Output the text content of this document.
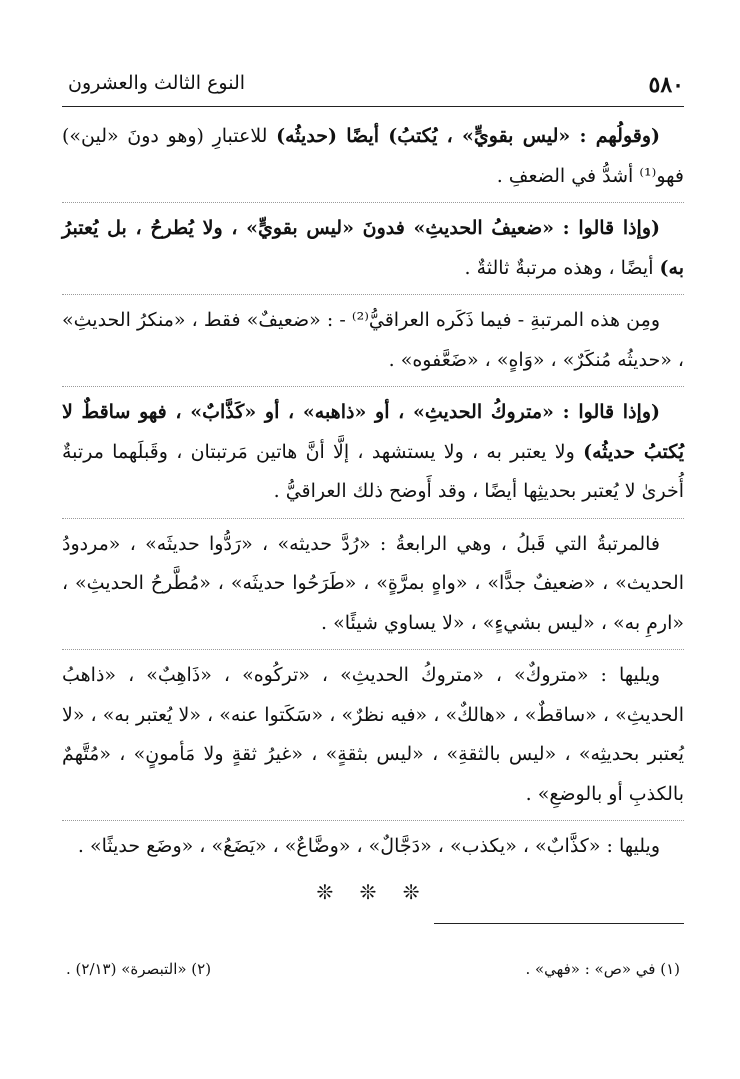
٥٨٠
النوع الثالث والعشرون

(وقولُهم : «ليس بقويٍّ» ، يُكتبُ) أيضًا (حديثُه) للاعتبارِ (وهو دونَ «لين») فهو⁽¹⁾ أشدُّ في الضعفِ .

(وإذا قالوا : «ضعيفُ الحديثِ» فدونَ «ليس بقويٍّ» ، ولا يُطرحُ ، بل يُعتبرُ به) أيضًا ، وهذه مرتبةٌ ثالثةٌ .

ومِن هذه المرتبةِ - فيما ذَكَره العراقيُّ⁽²⁾ - : «ضعيفٌ» فقط ، «منكرُ الحديثِ» ، «حديثُه مُنكَرٌ» ، «وَاهٍ» ، «ضَعَّفوه» .

(وإذا قالوا : «متروكُ الحديثِ» ، أو «ذاهبه» ، أو «كَذَّابٌ» ، فهو ساقطٌ لا يُكتبُ حديثُه) ولا يعتبر به ، ولا يستشهد ، إلَّا أنَّ هاتين مَرتبتان ، وقَبلَهما مرتبةٌ أُخرىٰ لا يُعتبر بحديثِها أيضًا ، وقد أَوضح ذلك العراقيُّ .

فالمرتبةُ التي قَبلُ ، وهي الرابعةُ : «رُدَّ حديثه» ، «رَدُّوا حديثَه» ، «مردودُ الحديث» ، «ضعيفٌ جدًّا» ، «واهٍ بمرَّةٍ» ، «طَرَحُوا حديثَه» ، «مُطَّرحُ الحديثِ» ، «ارمِ به» ، «ليس بشيءٍ» ، «لا يساوي شيئًا» .

ويليها : «متروكٌ» ، «متروكُ الحديثِ» ، «تركُوه» ، «ذَاهِبٌ» ، «ذاهبُ الحديثِ» ، «ساقطٌ» ، «هالكٌ» ، «فيه نظرٌ» ، «سَكَتوا عنه» ، «لا يُعتبر به» ، «لا يُعتبر بحديثِه» ، «ليس بالثقةِ» ، «ليس بثقةٍ» ، «غيرُ ثقةٍ ولا مَأمونٍ» ، «مُتَّهمٌ بالكذبِ أو بالوضعِ» .

ويليها : «كذَّابٌ» ، «يكذب» ، «دَجَّالٌ» ، «وضَّاعٌ» ، «يَضَعُ» ، «وضَع حديثًا» .

❊ ❊ ❊
(١) في «ص» : «فهي» .
(٢) «التبصرة» (٢/١٣) .
